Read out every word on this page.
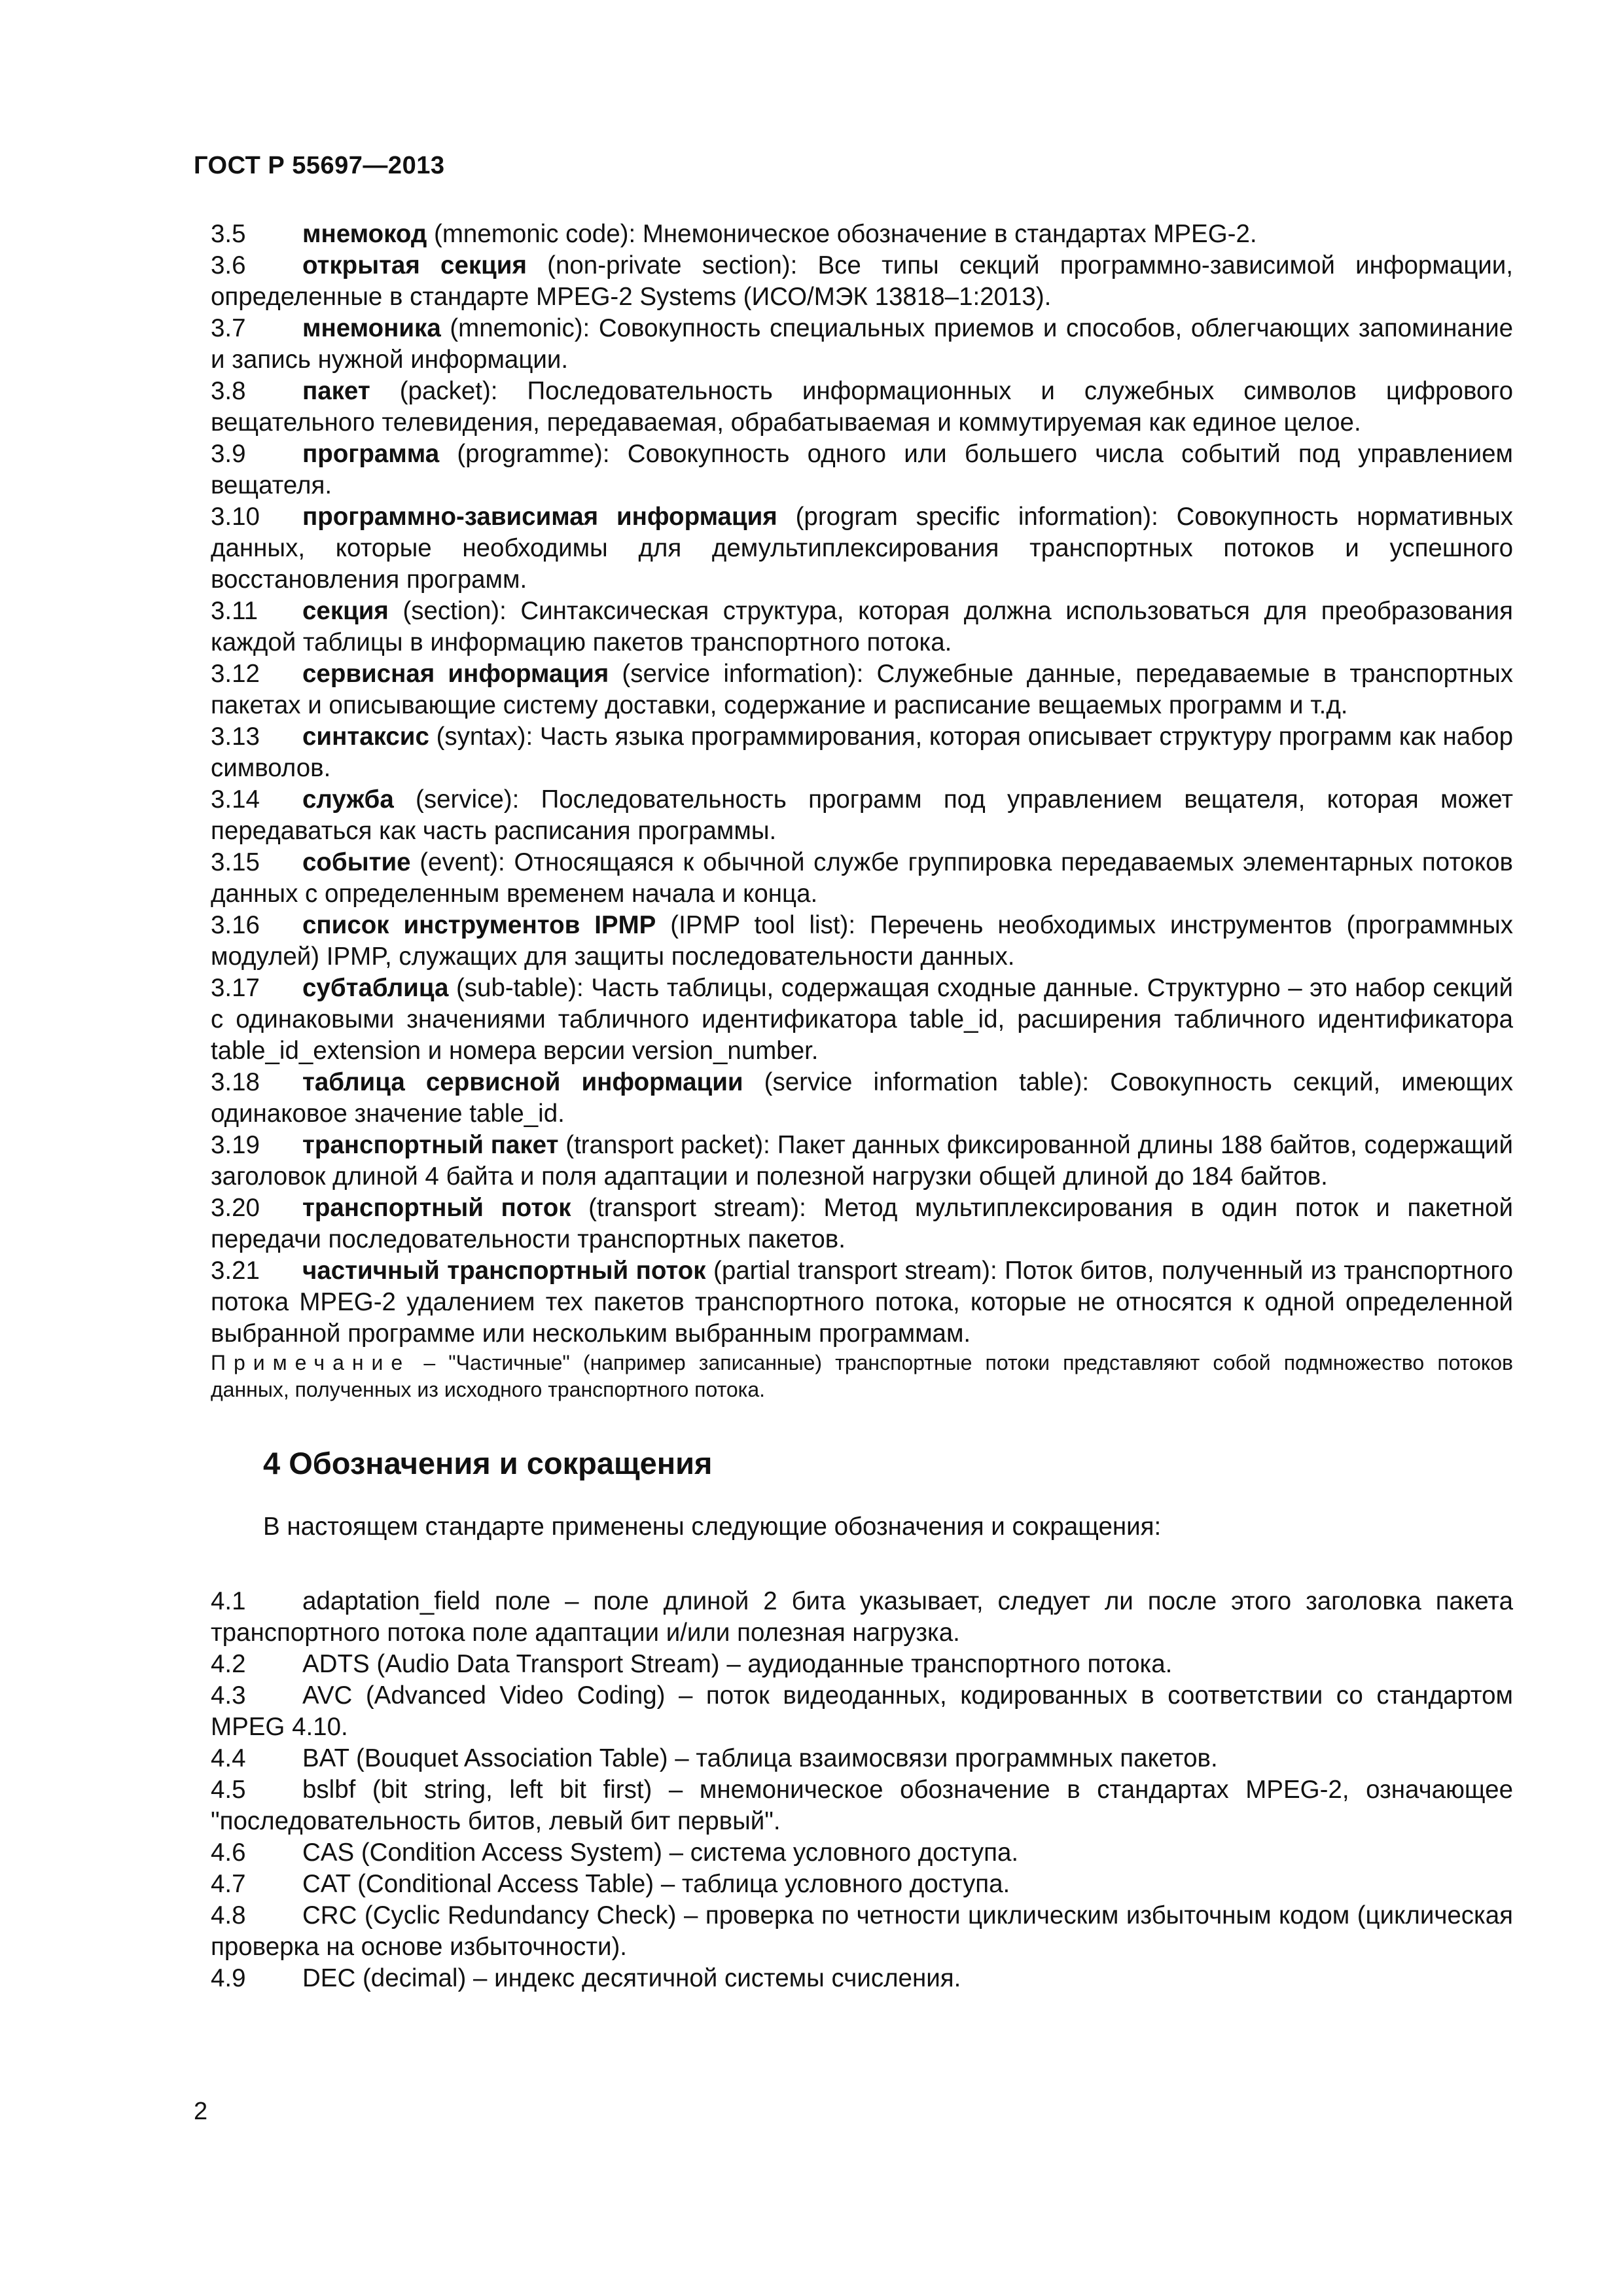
ГОСТ Р 55697—2013

3.5 мнемокод (mnemonic code): Мнемоническое обозначение в стандартах MPEG-2.

3.6 открытая секция (non-private section): Все типы секций программно-зависимой информации, определенные в стандарте MPEG-2 Systems (ИСО/МЭК 13818–1:2013).

3.7 мнемоника (mnemonic): Совокупность специальных приемов и способов, облегчающих запоминание и запись нужной информации.

3.8 пакет (packet): Последовательность информационных и служебных символов цифрового вещательного телевидения, передаваемая, обрабатываемая и коммутируемая как единое целое.

3.9 программа (programme): Совокупность одного или большего числа событий под управлением вещателя.

3.10 программно-зависимая информация (program specific information): Совокупность нормативных данных, которые необходимы для демультиплексирования транспортных потоков и успешного восстановления программ.

3.11 секция (section): Синтаксическая структура, которая должна использоваться для преобразования каждой таблицы в информацию пакетов транспортного потока.

3.12 сервисная информация (service information): Служебные данные, передаваемые в транспортных пакетах и описывающие систему доставки, содержание и расписание вещаемых программ и т.д.

3.13 синтаксис (syntax): Часть языка программирования, которая описывает структуру программ как набор символов.

3.14 служба (service): Последовательность программ под управлением вещателя, которая может передаваться как часть расписания программы.

3.15 событие (event): Относящаяся к обычной службе группировка передаваемых элементарных потоков данных с определенным временем начала и конца.

3.16 список инструментов IPMP (IPMP tool list): Перечень необходимых инструментов (программных модулей) IPMP, служащих для защиты последовательности данных.

3.17 субтаблица (sub-table): Часть таблицы, содержащая сходные данные. Структурно – это набор секций с одинаковыми значениями табличного идентификатора table_id, расширения табличного идентификатора table_id_extension и номера версии version_number.

3.18 таблица сервисной информации (service information table): Совокупность секций, имеющих одинаковое значение table_id.

3.19 транспортный пакет (transport packet): Пакет данных фиксированной длины 188 байтов, содержащий заголовок длиной 4 байта и поля адаптации и полезной нагрузки общей длиной до 184 байтов.

3.20 транспортный поток (transport stream): Метод мультиплексирования в один поток и пакетной передачи последовательности транспортных пакетов.

3.21 частичный транспортный поток (partial transport stream): Поток битов, полученный из транспортного потока MPEG-2 удалением тех пакетов транспортного потока, которые не относятся к одной определенной выбранной программе или нескольким выбранным программам.

Примечание – "Частичные" (например записанные) транспортные потоки представляют собой подмножество потоков данных, полученных из исходного транспортного потока.

4 Обозначения и сокращения
В настоящем стандарте применены следующие обозначения и сокращения:

4.1 adaptation_field поле – поле длиной 2 бита указывает, следует ли после этого заголовка пакета транспортного потока поле адаптации и/или полезная нагрузка.

4.2 ADTS (Audio Data Transport Stream) – аудиоданные транспортного потока.

4.3 AVC (Advanced Video Coding) – поток видеоданных, кодированных в соответствии со стандартом MPEG 4.10.

4.4 BAT (Bouquet Association Table) – таблица взаимосвязи программных пакетов.

4.5 bslbf (bit string, left bit first) – мнемоническое обозначение в стандартах MPEG-2, означающее "последовательность битов, левый бит первый".

4.6 CAS (Condition Access System) – система условного доступа.

4.7 CAT (Conditional Access Table) – таблица условного доступа.

4.8 CRC (Cyclic Redundancy Check) – проверка по четности циклическим избыточным кодом (циклическая проверка на основе избыточности).

4.9 DEC (decimal) – индекс десятичной системы счисления.

2
